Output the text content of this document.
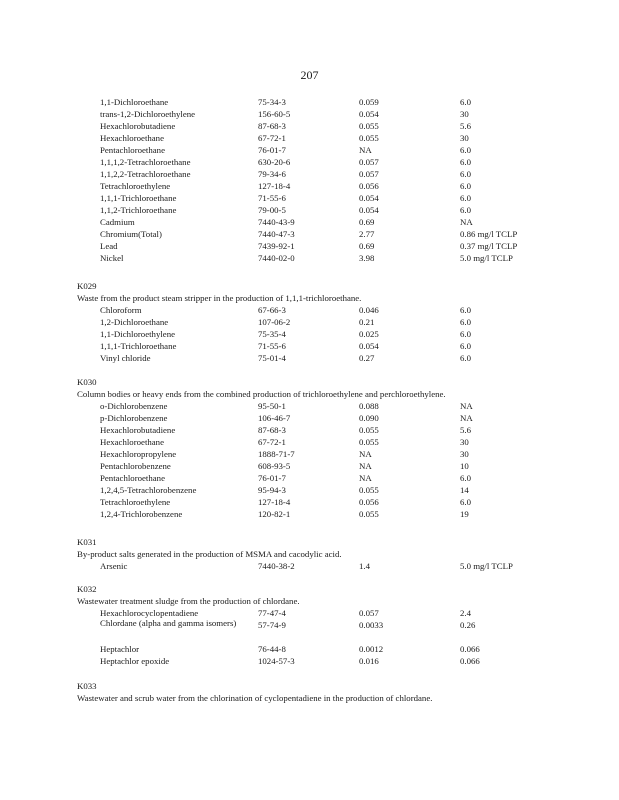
207
1,1-Dichloroethane	75-34-3	0.059	6.0
trans-1,2-Dichloroethylene	156-60-5	0.054	30
Hexachlorobutadiene	87-68-3	0.055	5.6
Hexachloroethane	67-72-1	0.055	30
Pentachloroethane	76-01-7	NA	6.0
1,1,1,2-Tetrachloroethane	630-20-6	0.057	6.0
1,1,2,2-Tetrachloroethane	79-34-6	0.057	6.0
Tetrachloroethylene	127-18-4	0.056	6.0
1,1,1-Trichloroethane	71-55-6	0.054	6.0
1,1,2-Trichloroethane	79-00-5	0.054	6.0
Cadmium	7440-43-9	0.69	NA
Chromium(Total)	7440-47-3	2.77	0.86 mg/l TCLP
Lead	7439-92-1	0.69	0.37 mg/l TCLP
Nickel	7440-02-0	3.98	5.0 mg/l TCLP
K029
Waste from the product steam stripper in the production of 1,1,1-trichloroethane.
Chloroform	67-66-3	0.046	6.0
1,2-Dichloroethane	107-06-2	0.21	6.0
1,1-Dichloroethylene	75-35-4	0.025	6.0
1,1,1-Trichloroethane	71-55-6	0.054	6.0
Vinyl chloride	75-01-4	0.27	6.0
K030
Column bodies or heavy ends from the combined production of trichloroethylene and perchloroethylene.
o-Dichlorobenzene	95-50-1	0.088	NA
p-Dichlorobenzene	106-46-7	0.090	NA
Hexachlorobutadiene	87-68-3	0.055	5.6
Hexachloroethane	67-72-1	0.055	30
Hexachloropropylene	1888-71-7	NA	30
Pentachlorobenzene	608-93-5	NA	10
Pentachloroethane	76-01-7	NA	6.0
1,2,4,5-Tetrachlorobenzene	95-94-3	0.055	14
Tetrachloroethylene	127-18-4	0.056	6.0
1,2,4-Trichlorobenzene	120-82-1	0.055	19
K031
By-product salts generated in the production of MSMA and cacodylic acid.
Arsenic	7440-38-2	1.4	5.0 mg/l TCLP
K032
Wastewater treatment sludge from the production of chlordane.
Hexachlorocyclopentadiene	77-47-4	0.057	2.4
Chlordane (alpha and gamma isomers)	57-74-9	0.0033	0.26
Heptachlor	76-44-8	0.0012	0.066
Heptachlor epoxide	1024-57-3	0.016	0.066
K033
Wastewater and scrub water from the chlorination of cyclopentadiene in the production of chlordane.
